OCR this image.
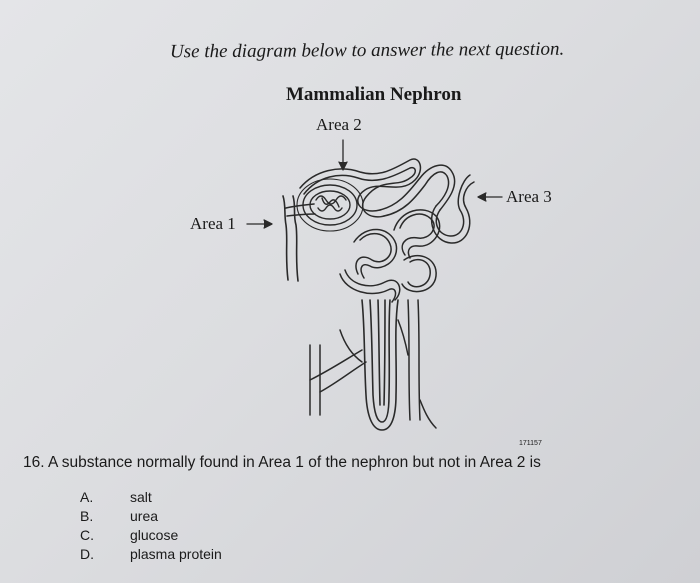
Use the diagram below to answer the next question.

Mammalian Nephron

Area 2
Area 1
Area 3
171157

16. A substance normally found in Area 1 of the nephron but not in Area 2 is

A.	salt
B.	urea
C.	glucose
D.	plasma protein
